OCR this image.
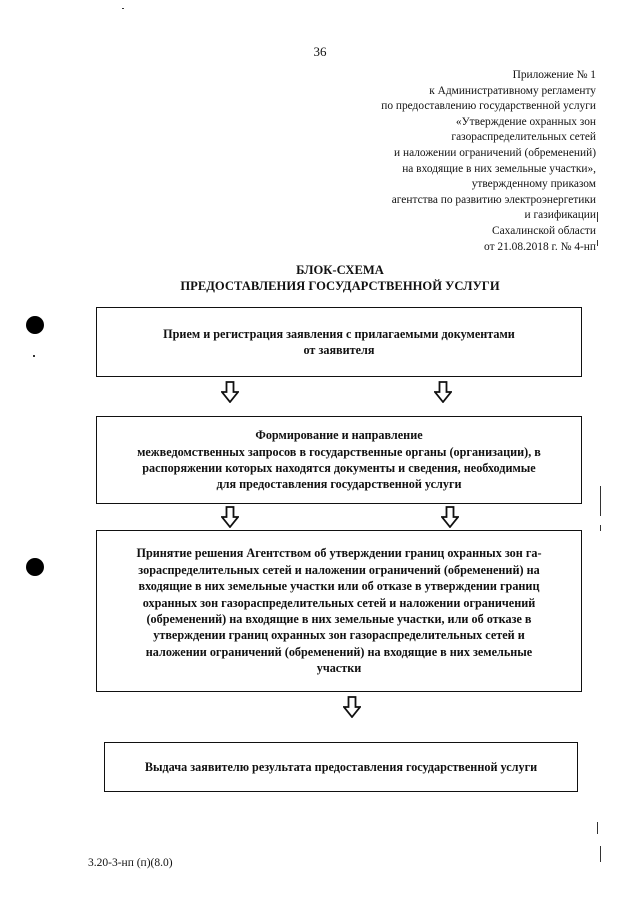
36
Приложение № 1
к Административному регламенту
по предоставлению государственной услуги
«Утверждение охранных зон
газораспределительных сетей
и наложении ограничений (обременений)
на входящие в них земельные участки»,
утвержденному приказом
агентства по развитию электроэнергетики
и газификации
Сахалинской области
от 21.08.2018 г. № 4-нп
БЛОК-СХЕМА
ПРЕДОСТАВЛЕНИЯ ГОСУДАРСТВЕННОЙ УСЛУГИ
Прием и регистрация заявления с прилагаемыми документами
от заявителя
Формирование и направление
межведомственных запросов в государственные органы (организации), в
распоряжении которых находятся документы и сведения, необходимые
для предоставления государственной услуги
Принятие решения Агентством об утверждении границ охранных зон га-
зораспределительных сетей и наложении ограничений (обременений) на
входящие в них земельные участки или об отказе в утверждении границ
охранных зон газораспределительных сетей и наложении ограничений
(обременений) на входящие в них земельные участки, или об отказе в
утверждении границ охранных зон газораспределительных сетей и
наложении ограничений (обременений) на входящие в них земельные
участки
Выдача заявителю результата предоставления государственной услуги
3.20-3-нп (п)(8.0)
